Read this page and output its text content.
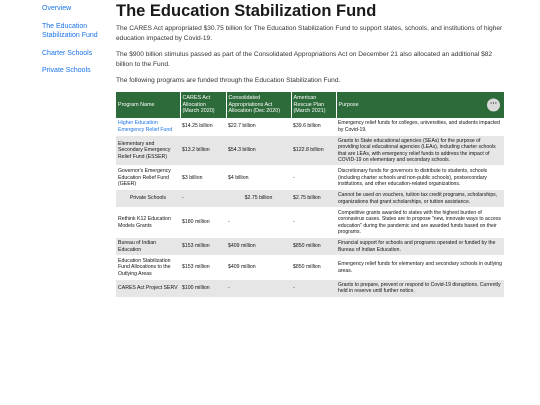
Overview
The Education Stabilization Fund
Charter Schools
Private Schools
The Education Stabilization Fund

The CARES Act appropriated $30.75 billion for The Education Stabilization Fund to support states, schools, and institutions of higher education impacted by Covid-19.

The $900 billion stimulus passed as part of the Consolidated Appropriations Act on December 21 also allocated an additional $82 billion to the Fund.

The following programs are funded through the Education Stabilization Fund.

Program Name	CARES Act Allocation (March 2020)	Consolidated Appropriations Act Allocation (Dec 2020)	American Rescue Plan (March 2021)	Purpose ⋯

Higher Education Emergency Relief Fund	$14.25 billion	$22.7 billion	$39.6 billion	Emergency relief funds for colleges, universities, and students impacted by Covid-19.
Elementary and Secondary Emergency Relief Fund (ESSER)	$13.2 billion	$54.3 billion	$122.8 billion	Grants to State educational agencies (SEAs) for the purpose of providing local educational agencies (LEAs), including charter schools that are LEAs, with emergency relief funds to address the impact of COVID-19 on elementary and secondary schools.
Governor's Emergency Education Relief Fund (GEER)	$3 billion	$4 billion	-	Discretionary funds for governors to distribute to students, schools (including charter schools and non-public schools), postsecondary institutions, and other education-related organizations.
Private Schools	-	$2.75 billion	$2.75 billion	Cannot be used on vouchers, tuition tax credit programs, scholarships, organizations that grant scholarships, or tuition assistance.
Rethink K12 Education Models Grants	$180 million	-	-	Competitive grants awarded to states with the highest burden of coronavirus cases. States are to propose "new, innovate ways to access education" during the pandemic and are awarded funds based on their programs.
Bureau of Indian Education	$153 million	$409 million	$850 million	Financial support for schools and programs operated or funded by the Bureau of Indian Education.
Education Stabilization Fund Allocations to the Outlying Areas	$153 million	$409 million	$850 million	Emergency relief funds for elementary and secondary schools in outlying areas.
CARES Act Project SERV	$100 million	-	-	Grants to prepare, prevent or respond to Covid-19 disruptions. Currently held in reserve until further notice.
